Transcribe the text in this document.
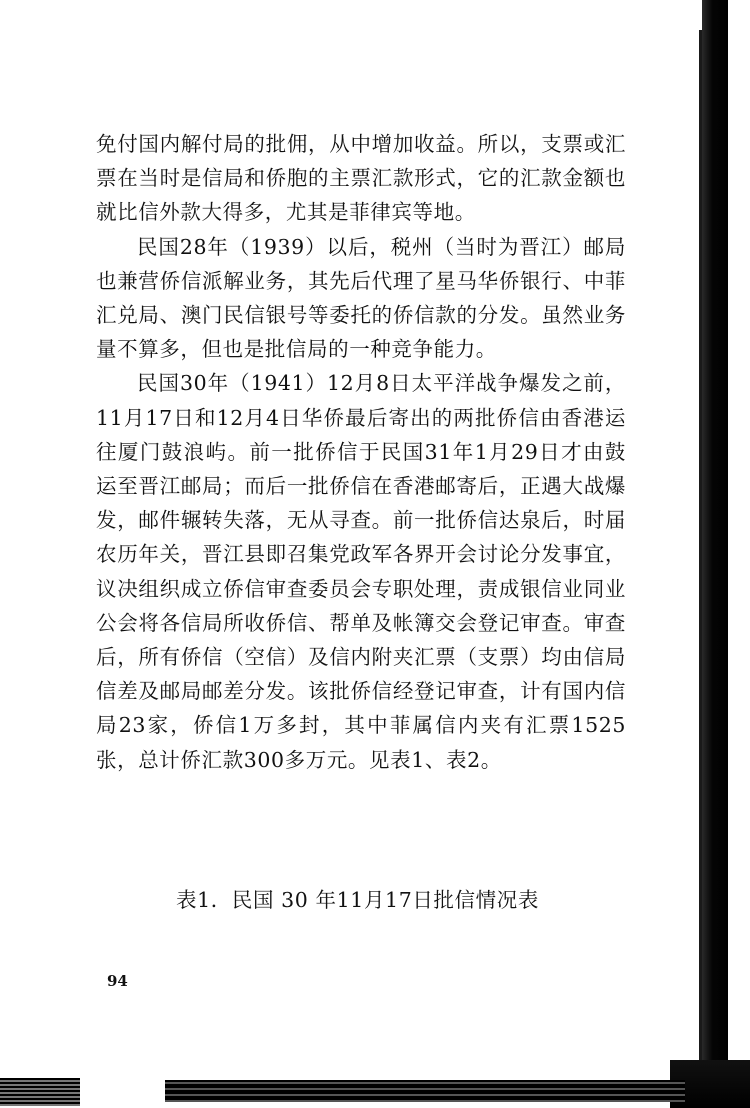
免付国内解付局的批佣，从中增加收益。所以，支票或汇票在当时是信局和侨胞的主票汇款形式，它的汇款金额也就比信外款大得多，尤其是菲律宾等地。

民国28年（1939）以后，税州（当时为晋江）邮局也兼营侨信派解业务，其先后代理了星马华侨银行、中菲汇兑局、澳门民信银号等委托的侨信款的分发。虽然业务量不算多，但也是批信局的一种竞争能力。

民国30年（1941）12月8日太平洋战争爆发之前，11月17日和12月4日华侨最后寄出的两批侨信由香港运往厦门鼓浪屿。前一批侨信于民国31年1月29日才由鼓运至晋江邮局；而后一批侨信在香港邮寄后，正遇大战爆发，邮件辗转失落，无从寻查。前一批侨信达泉后，时届农历年关，晋江县即召集党政军各界开会讨论分发事宜，议决组织成立侨信审查委员会专职处理，责成银信业同业公会将各信局所收侨信、帮单及帐簿交会登记审查。审查后，所有侨信（空信）及信内附夹汇票（支票）均由信局信差及邮局邮差分发。该批侨信经登记审查，计有国内信局23家，侨信1万多封，其中菲属信内夹有汇票1525张，总计侨汇款300多万元。见表1、表2。

表1．民国 30 年11月17日批信情况表
94
